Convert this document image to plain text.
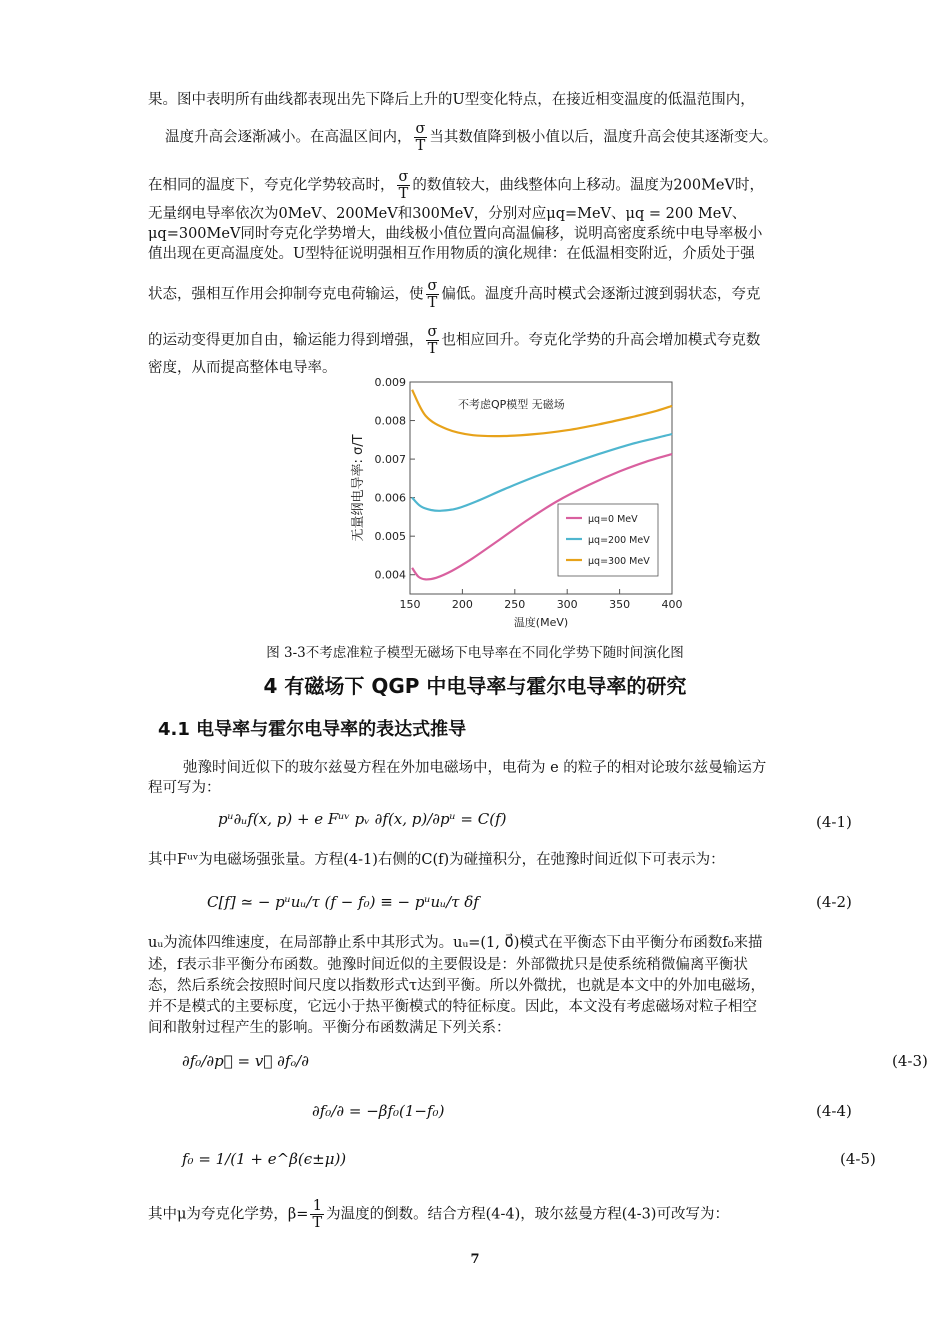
果。图中表明所有曲线都表现出先下降后上升的U型变化特点，在接近相变温度的低温范围内，
温度升高会逐渐减小。在高温区间内， $\frac{\sigma}{T}$ 当其数值降到极小值以后，温度升高会使其逐渐变大。
在相同的温度下，夸克化学势较高时， $\frac{\sigma}{T}$ 的数值较大，曲线整体向上移动。温度为200MeV时，
无量纲电导率依次为0MeV、200MeV和300MeV，分别对应μq=MeV、μq = 200 MeV、
μq=300MeV同时夸克化学势增大，曲线极小值位置向高温偏移，说明高密度系统中电导率极小
值出现在更高温度处。U型特征说明强相互作用物质的演化规律：在低温相变附近，介质处于强
状态，强相互作用会抑制夸克电荷输运，使 $\frac{\sigma}{T}$ 偏低。温度升高时模式会逐渐过渡到弱状态，夸克
的运动变得更加自由，输运能力得到增强， $\frac{\sigma}{T}$ 也相应回升。夸克化学势的升高会增加模式夸克数
密度，从而提高整体电导率。
150	200	250	300	350	400
0.004
0.005
0.006
0.007
0.008
0.009
不考虑QP模型 无磁场
温度(MeV)
无量纲电导率: σ/T	μq=0 MeV
μq=200 MeV
μq=300 MeV
图 3-3不考虑准粒子模型无磁场下电导率在不同化学势下随时间演化图
4 有磁场下 QGP 中电导率与霍尔电导率的研究
4.1 电导率与霍尔电导率的表达式推导
弛豫时间近似下的玻尔兹曼方程在外加电磁场中，电荷为 e 的粒子的相对论玻尔兹曼输运方
程可写为：
pᵘ∂ᵤf(x, p) + e Fᵘᵛ pᵥ ∂f(x, p)/∂pᵘ = C(f)	(4-1)
其中Fᵘᵛ为电磁场强张量。方程(4-1)右侧的C(f)为碰撞积分，在弛豫时间近似下可表示为：
C[f] ≃ − pᵘuᵤ/τ (f − f₀) ≡ − pᵘuᵤ/τ δf	(4-2)
uᵤ为流体四维速度，在局部静止系中其形式为。uᵤ=(1, 0⃗)模式在平衡态下由平衡分布函数f₀来描
述，f表示非平衡分布函数。弛豫时间近似的主要假设是：外部微扰只是使系统稍微偏离平衡状
态，然后系统会按照时间尺度以指数形式τ达到平衡。所以外微扰，也就是本文中的外加电磁场，
并不是模式的主要标度，它远小于热平衡模式的特征标度。因此，本文没有考虑磁场对粒子相空
间和散射过程产生的影响。平衡分布函数满足下列关系：
∂f₀/∂p⃗ = v⃗ ∂fₒ/∂	(4-3)
∂f₀/∂ = −βf₀(1−f₀)	(4-4)
f₀ = 1/(1 + e^β(ϵ±μ))	(4-5)
其中μ为夸克化学势，$\beta= \frac{1}{T}$ 为温度的倒数。结合方程(4-4)，玻尔兹曼方程(4-3)可改写为：
7
